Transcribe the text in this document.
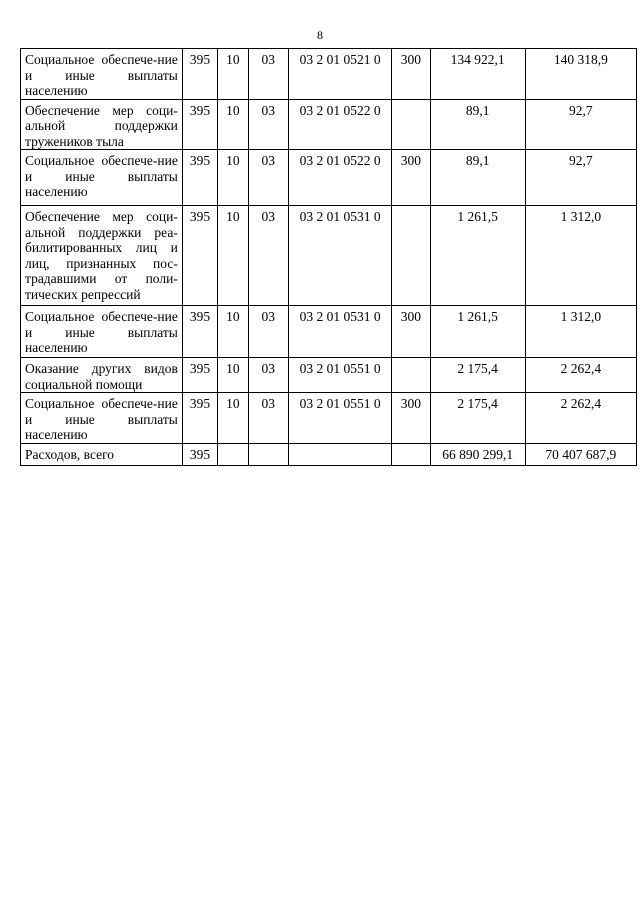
8
Социальное обеспече-ние и иные выплаты населению	395	10	03	03 2 01 0521 0	300	134 922,1	140 318,9
Обеспечение мер соци-альной поддержки тружеников тыла	395	10	03	03 2 01 0522 0		89,1	92,7
Социальное обеспече-ние и иные выплаты населению	395	10	03	03 2 01 0522 0	300	89,1	92,7
Обеспечение мер соци-альной поддержки реа-билитированных лиц и лиц, признанных пос-традавшими от поли-тических репрессий	395	10	03	03 2 01 0531 0		1 261,5	1 312,0
Социальное обеспече-ние и иные выплаты населению	395	10	03	03 2 01 0531 0	300	1 261,5	1 312,0
Оказание других видов социальной помощи	395	10	03	03 2 01 0551 0		2 175,4	2 262,4
Социальное обеспече-ние и иные выплаты населению	395	10	03	03 2 01 0551 0	300	2 175,4	2 262,4
Расходов, всего	395					66 890 299,1	70 407 687,9
